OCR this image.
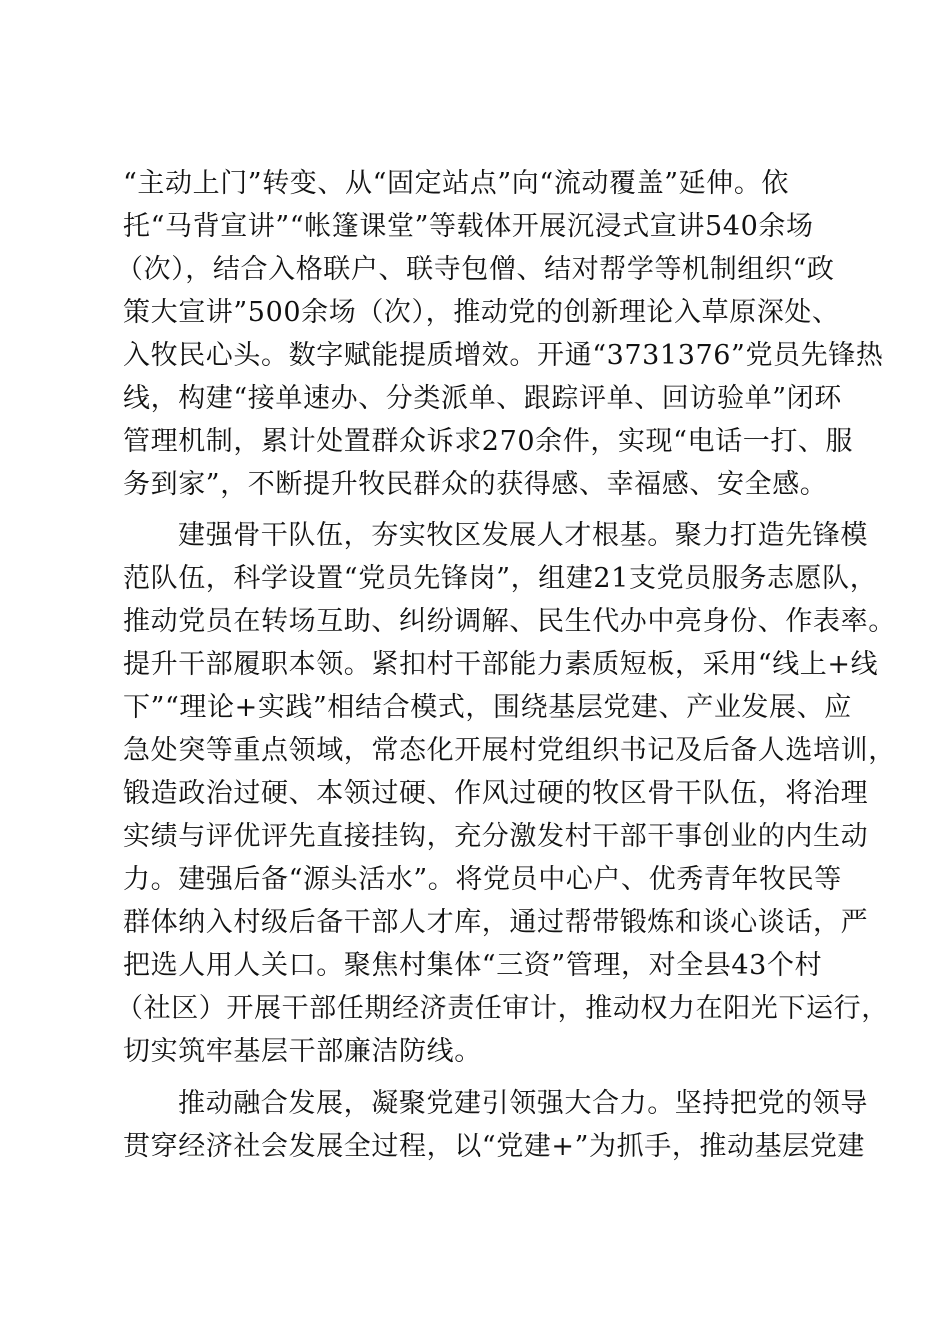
“主动上门”转变、从“固定站点”向“流动覆盖”延伸。依
托“马背宣讲”“帐篷课堂”等载体开展沉浸式宣讲540余场
（次），结合入格联户、联寺包僧、结对帮学等机制组织“政
策大宣讲”500余场（次），推动党的创新理论入草原深处、
入牧民心头。数字赋能提质增效。开通“3731376”党员先锋热
线，构建“接单速办、分类派单、跟踪评单、回访验单”闭环
管理机制，累计处置群众诉求270余件，实现“电话一打、服
务到家”，不断提升牧民群众的获得感、幸福感、安全感。
建强骨干队伍，夯实牧区发展人才根基。聚力打造先锋模
范队伍，科学设置“党员先锋岗”，组建21支党员服务志愿队，
推动党员在转场互助、纠纷调解、民生代办中亮身份、作表率。
提升干部履职本领。紧扣村干部能力素质短板，采用“线上+线
下”“理论+实践”相结合模式，围绕基层党建、产业发展、应
急处突等重点领域，常态化开展村党组织书记及后备人选培训，
锻造政治过硬、本领过硬、作风过硬的牧区骨干队伍，将治理
实绩与评优评先直接挂钩，充分激发村干部干事创业的内生动
力。建强后备“源头活水”。将党员中心户、优秀青年牧民等
群体纳入村级后备干部人才库，通过帮带锻炼和谈心谈话，严
把选人用人关口。聚焦村集体“三资”管理，对全县43个村
（社区）开展干部任期经济责任审计，推动权力在阳光下运行，
切实筑牢基层干部廉洁防线。
推动融合发展，凝聚党建引领强大合力。坚持把党的领导
贯穿经济社会发展全过程，以“党建+”为抓手，推动基层党建
